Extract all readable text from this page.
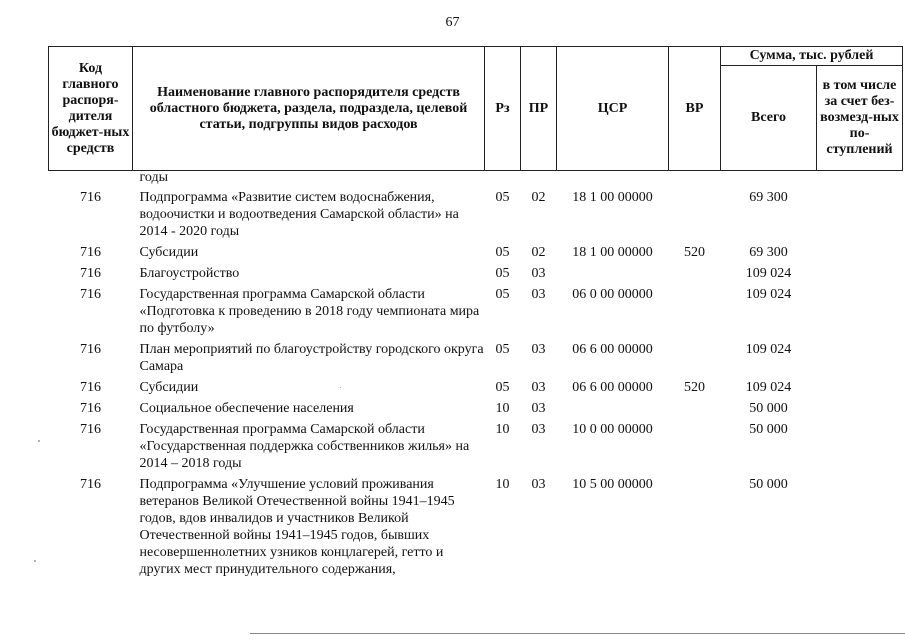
67
Код главного распоря-дителя бюджет-ных средств	Наименование главного распорядителя средств областного бюджета, раздела, подраздела, целевой статьи, подгруппы видов расходов	Рз	ПР	ЦСР	ВР	Сумма, тыс. рублей	
						Всего	в том числе за счет без-возмезд-ных по-ступлений
	годы						
716	Подпрограмма «Развитие систем водоснабжения, водоочистки и водоотведения Самарской области» на 2014 - 2020 годы	05	02	18 1 00 00000		69 300	
716	Субсидии	05	02	18 1 00 00000	520	69 300	
716	Благоустройство	05	03			109 024	
716	Государственная программа Самарской области «Подготовка к проведению в 2018 году чемпионата мира по футболу»	05	03	06 0 00 00000		109 024	
716	План мероприятий по благоустройству городского округа Самара	05	03	06 6 00 00000		109 024	
716	Субсидии	05	03	06 6 00 00000	520	109 024	
716	Социальное обеспечение населения	10	03			50 000	
716	Государственная программа Самарской области «Государственная поддержка собственников жилья» на 2014 – 2018 годы	10	03	10 0 00 00000		50 000	
716	Подпрограмма «Улучшение условий проживания ветеранов Великой Отечественной войны 1941–1945 годов, вдов инвалидов и участников Великой Отечественной войны 1941–1945 годов, бывших несовершеннолетних узников концлагерей, гетто и других мест принудительного содержания,	10	03	10 5 00 00000		50 000	
